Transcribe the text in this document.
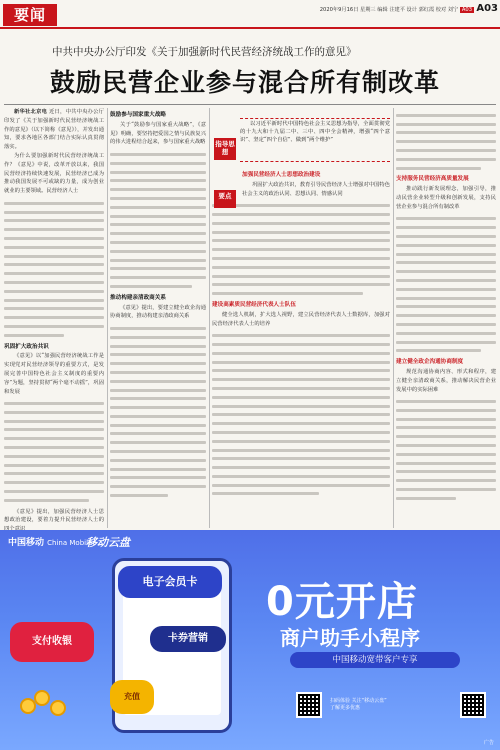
要闻	2020年9月16日 星期三 编辑 注建平 设计 郭红霞 校对 刘宁 A03 A03
中共中央办公厅印发《关于加强新时代民营经济统战工作的意见》
鼓励民营企业参与混合所有制改革

新华社北京电 近日，中共中央办公厅印发了《关于加强新时代民营经济统战工作的意见》（以下简称《意见》），并发出通知，要求各地区各部门结合实际认真贯彻落实。

为什么要加强新时代民营经济统战工作？《意见》中说，改革开放以来，我国民营经济持续快速发展，民营经济已成为推动我国发展不可或缺的力量，成为创业就业的主要领域。民营经济人士

巩固扩大政治共识

《意见》以“加强民营经济统战工作是实现党对民营经济领导的重要方式，是发展完善中国特色社会主义制度的重要内容”为题，坚持贯彻“两个毫不动摇”，巩固和发展

《意见》提出，加强民营经济人士思想政治建设，要着力提升民营经济人士的

鼓励参与国家重大战略

关于“鼓励参与国家重大战略”，《意见》明确，要坚持把爱国之情与民族复兴的伟大进程结合起来，参与国家重大战略

推动构建亲清政商关系

《意见》提出，要建立健全政企沟通协商制度，推动构建亲清政商关系

加强民营经济人士思想政治建设

巩固扩大政治共识，教育引导民营经济人士增强对中国特色社会主义的政治认同、思想认同、情感认同

建设高素质民营经济代表人士队伍

健全选人机制，扩大选人视野，建立民营经济代表人士数据库，加强对民营经济代表人士的培养

支持服务民营经济高质量发展

推动践行新发展理念，加强引导，推动民营企业转型升级和创新发展，支持民营企业参与混合所有制改革

建立健全政企沟通协商制度

规范沟通协商内容、形式和程序，建立健全亲清政商关系，推动解决民营企业发展中的实际困难

指导思想
要点

以习近平新时代中国特色社会主义思想为指导，全面贯彻党的十九大和十九届二中、三中、四中全会精神，增强“四个意识”、坚定“四个自信”、做到“两个维护”

中国移动 China Mobile
移动云盘
电子会员卡
支付收银	卡券营销
充值
0元开店
商户助手小程序
中国移动宽带客户专享
扫码体验 关注“移动云盘”
了解更多优惠
广告
